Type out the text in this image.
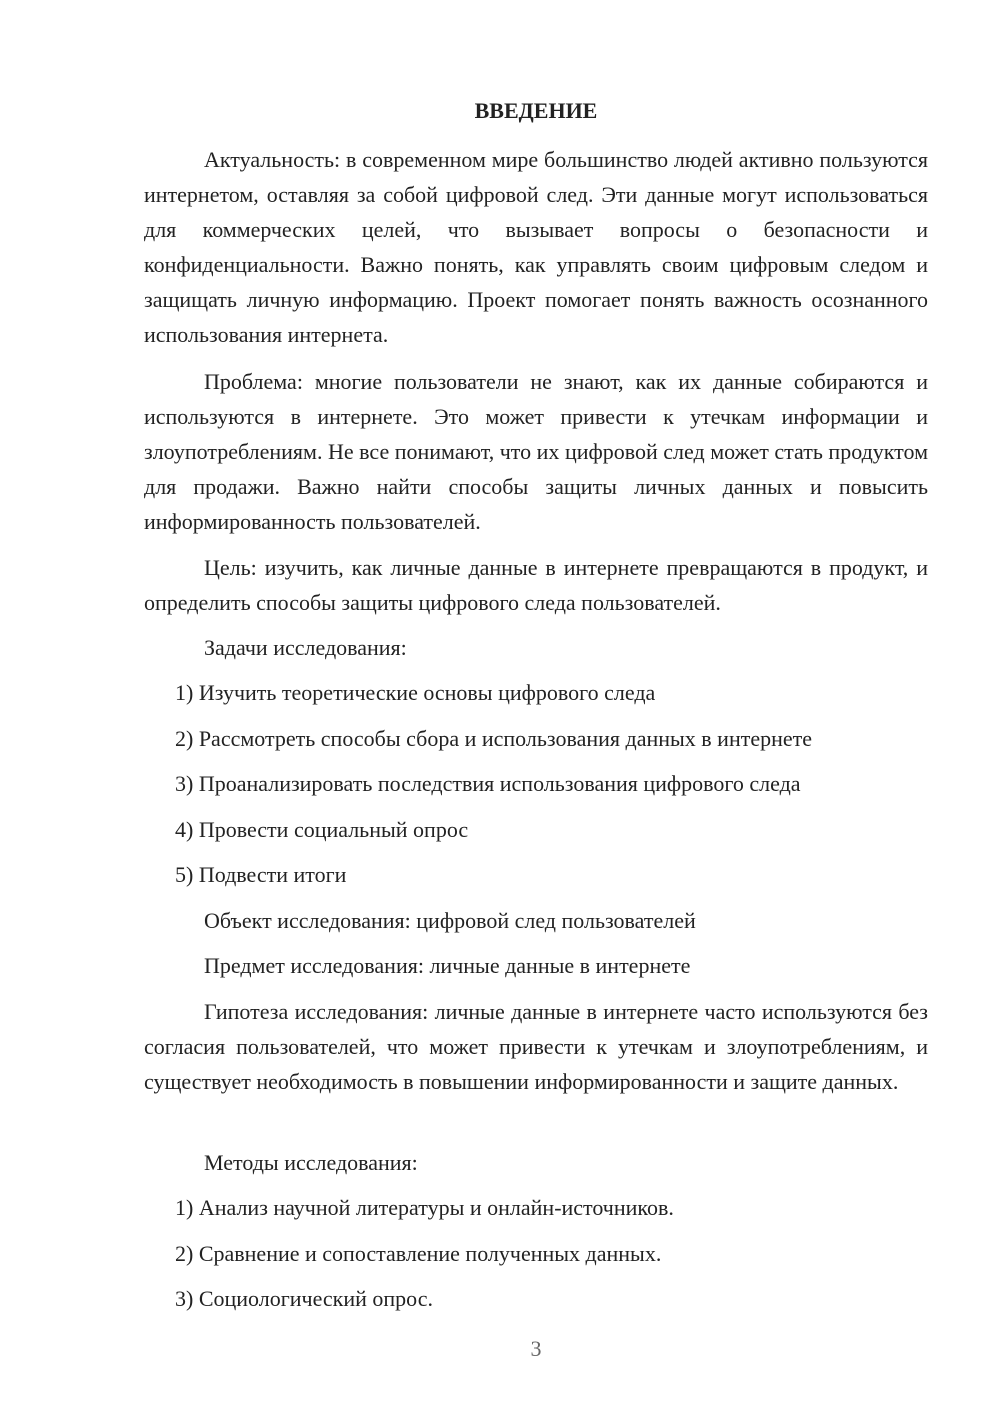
ВВЕДЕНИЕ

Актуальность: в современном мире большинство людей активно пользуются интернетом, оставляя за собой цифровой след. Эти данные могут использоваться для коммерческих целей, что вызывает вопросы о безопасности и конфиденциальности. Важно понять, как управлять своим цифровым следом и защищать личную информацию. Проект помогает понять важность осознанного использования интернета.

Проблема: многие пользователи не знают, как их данные собираются и используются в интернете. Это может привести к утечкам информации и злоупотреблениям. Не все понимают, что их цифровой след может стать продуктом для продажи. Важно найти способы защиты личных данных и повысить информированность пользователей.

Цель: изучить, как личные данные в интернете превращаются в продукт, и определить способы защиты цифрового следа пользователей.

Задачи исследования:
1) Изучить теоретические основы цифрового следа
2) Рассмотреть способы сбора и использования данных в интернете
3) Проанализировать последствия использования цифрового следа
4) Провести социальный опрос
5) Подвести итоги
Объект исследования: цифровой след пользователей
Предмет исследования: личные данные в интернете

Гипотеза исследования: личные данные в интернете часто используются без согласия пользователей, что может привести к утечкам и злоупотреблениям, и существует необходимость в повышении информированности и защите данных.

Методы исследования:
1) Анализ научной литературы и онлайн-источников.
2) Сравнение и сопоставление полученных данных.
3) Социологический опрос.
3
